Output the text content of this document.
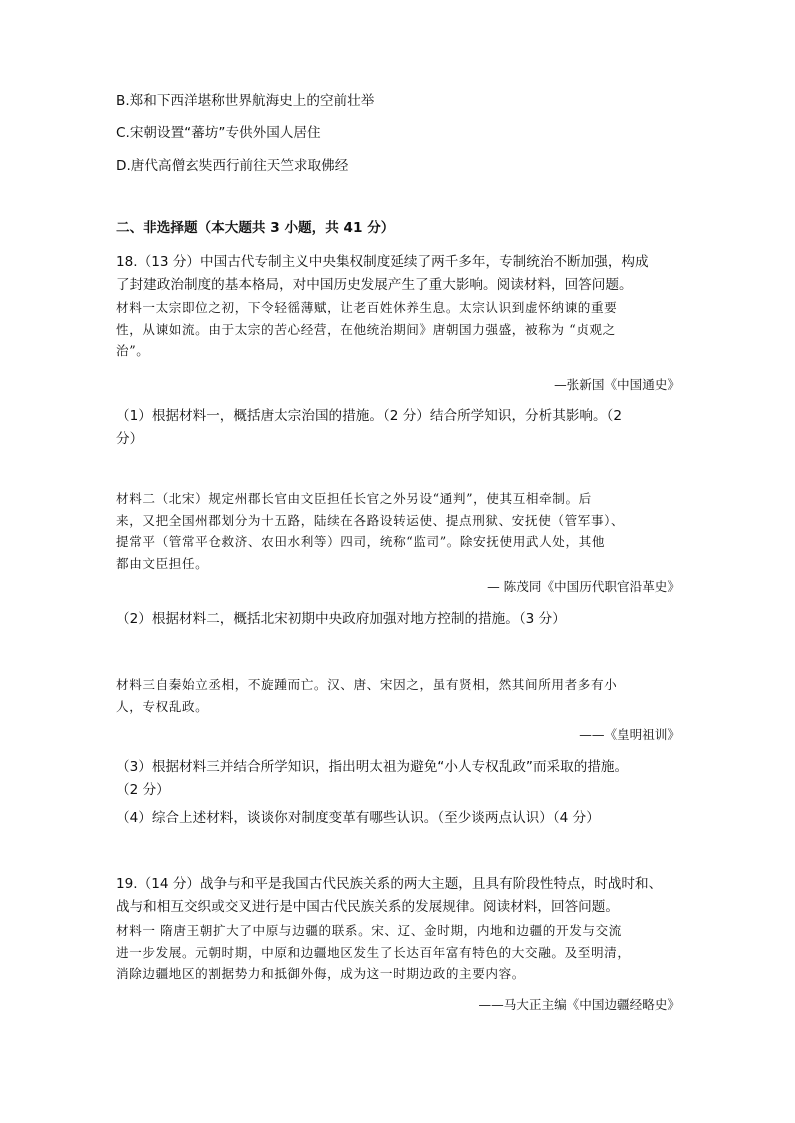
B.郑和下西洋堪称世界航海史上的空前壮举

C.宋朝设置“蕃坊”专供外国人居住

D.唐代高僧玄奘西行前往天竺求取佛经

二、非选择题（本大题共 3 小题，共 41 分）

18.（13 分）中国古代专制主义中央集权制度延续了两千多年，专制统治不断加强，构成
了封建政治制度的基本格局，对中国历史发展产生了重大影响。阅读材料，回答问题。

材料一太宗即位之初，下令轻徭薄赋，让老百姓休养生息。太宗认识到虚怀纳谏的重要
性，从谏如流。由于太宗的苦心经营，在他统治期间》唐朝国力强盛，被称为 “贞观之
治”。

—张新国《中国通史》

（1）根据材料一，概括唐太宗治国的措施。（2 分）结合所学知识，分析其影响。（2
分）

材料二（北宋）规定州郡长官由文臣担任长官之外另设“通判”，使其互相牵制。后
来，又把全国州郡划分为十五路，陆续在各路设转运使、提点刑狱、安抚使（管军事）、
提常平（管常平仓救济、农田水利等）四司，统称“监司”。除安抚使用武人处，其他
都由文臣担任。

— 陈茂同《中国历代职官沿革史》

（2）根据材料二，概括北宋初期中央政府加强对地方控制的措施。（3 分）

材料三自秦始立丞相，不旋踵而亡。汉、唐、宋因之，虽有贤相，然其间所用者多有小
人，专权乱政。

——《皇明祖训》

（3）根据材料三并结合所学知识，指出明太祖为避免“小人专权乱政”而采取的措施。
（2 分）

（4）综合上述材料，谈谈你对制度变革有哪些认识。（至少谈两点认识）（4 分）

19.（14 分）战争与和平是我国古代民族关系的两大主题，且具有阶段性特点，时战时和、
战与和相互交织或交叉进行是中国古代民族关系的发展规律。阅读材料，回答问题。

材料一 隋唐王朝扩大了中原与边疆的联系。宋、辽、金时期，内地和边疆的开发与交流
进一步发展。元朝时期，中原和边疆地区发生了长达百年富有特色的大交融。及至明清，
消除边疆地区的割据势力和抵御外侮，成为这一时期边政的主要内容。

——马大正主编《中国边疆经略史》
